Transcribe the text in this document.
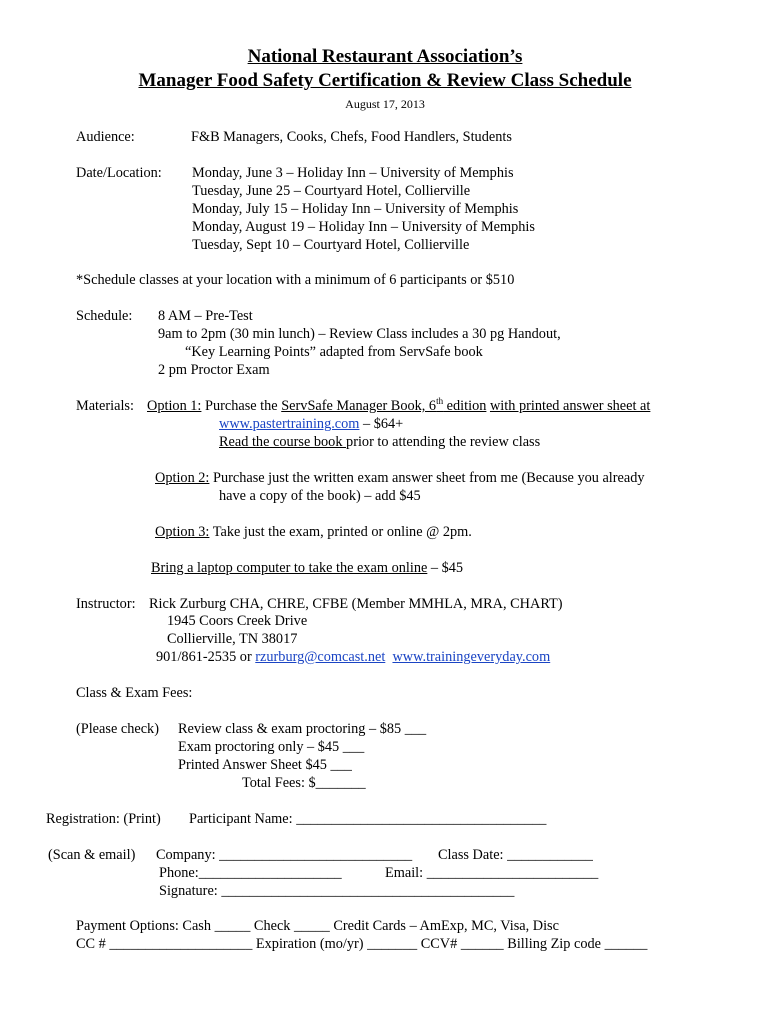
National Restaurant Association’s
Manager Food Safety Certification & Review Class Schedule
August 17, 2013
Audience:	F&B Managers, Cooks, Chefs, Food Handlers, Students
Date/Location: Monday, June 3 – Holiday Inn – University of Memphis
Tuesday, June 25 – Courtyard Hotel, Collierville
Monday, July 15 – Holiday Inn – University of Memphis
Monday, August 19 – Holiday Inn – University of Memphis
Tuesday, Sept 10 – Courtyard Hotel, Collierville
*Schedule classes at your location with a minimum of 6 participants or $510
Schedule: 8 AM – Pre-Test
9am to 2pm (30 min lunch) – Review Class includes a 30 pg Handout,
“Key Learning Points” adapted from ServSafe book
2 pm Proctor Exam
Materials: Option 1: Purchase the ServSafe Manager Book, 6th edition with printed answer sheet at
www.pastertraining.com – $64+
Read the course book prior to attending the review class
Option 2: Purchase just the written exam answer sheet from me (Because you already
have a copy of the book) – add $45
Option 3: Take just the exam, printed or online @ 2pm.
Bring a laptop computer to take the exam online – $45
Instructor: Rick Zurburg CHA, CHRE, CFBE (Member MMHLA, MRA, CHART)
1945 Coors Creek Drive
Collierville, TN 38017
901/861-2535 or rzurburg@comcast.net www.trainingeveryday.com
Class & Exam Fees:
(Please check) Review class & exam proctoring – $85 ___
Exam proctoring only – $45 ___
Printed Answer Sheet $45 ___
Total Fees: $_______
Registration: (Print) Participant Name: ___________________________________
(Scan & email) Company: ___________________________ Class Date: ____________
Phone:____________________	Email: ________________________
Signature: _________________________________________
Payment Options: Cash _____ Check _____ Credit Cards – AmExp, MC, Visa, Disc
CC # ____________________ Expiration (mo/yr) _______ CCV# ______ Billing Zip code ______
